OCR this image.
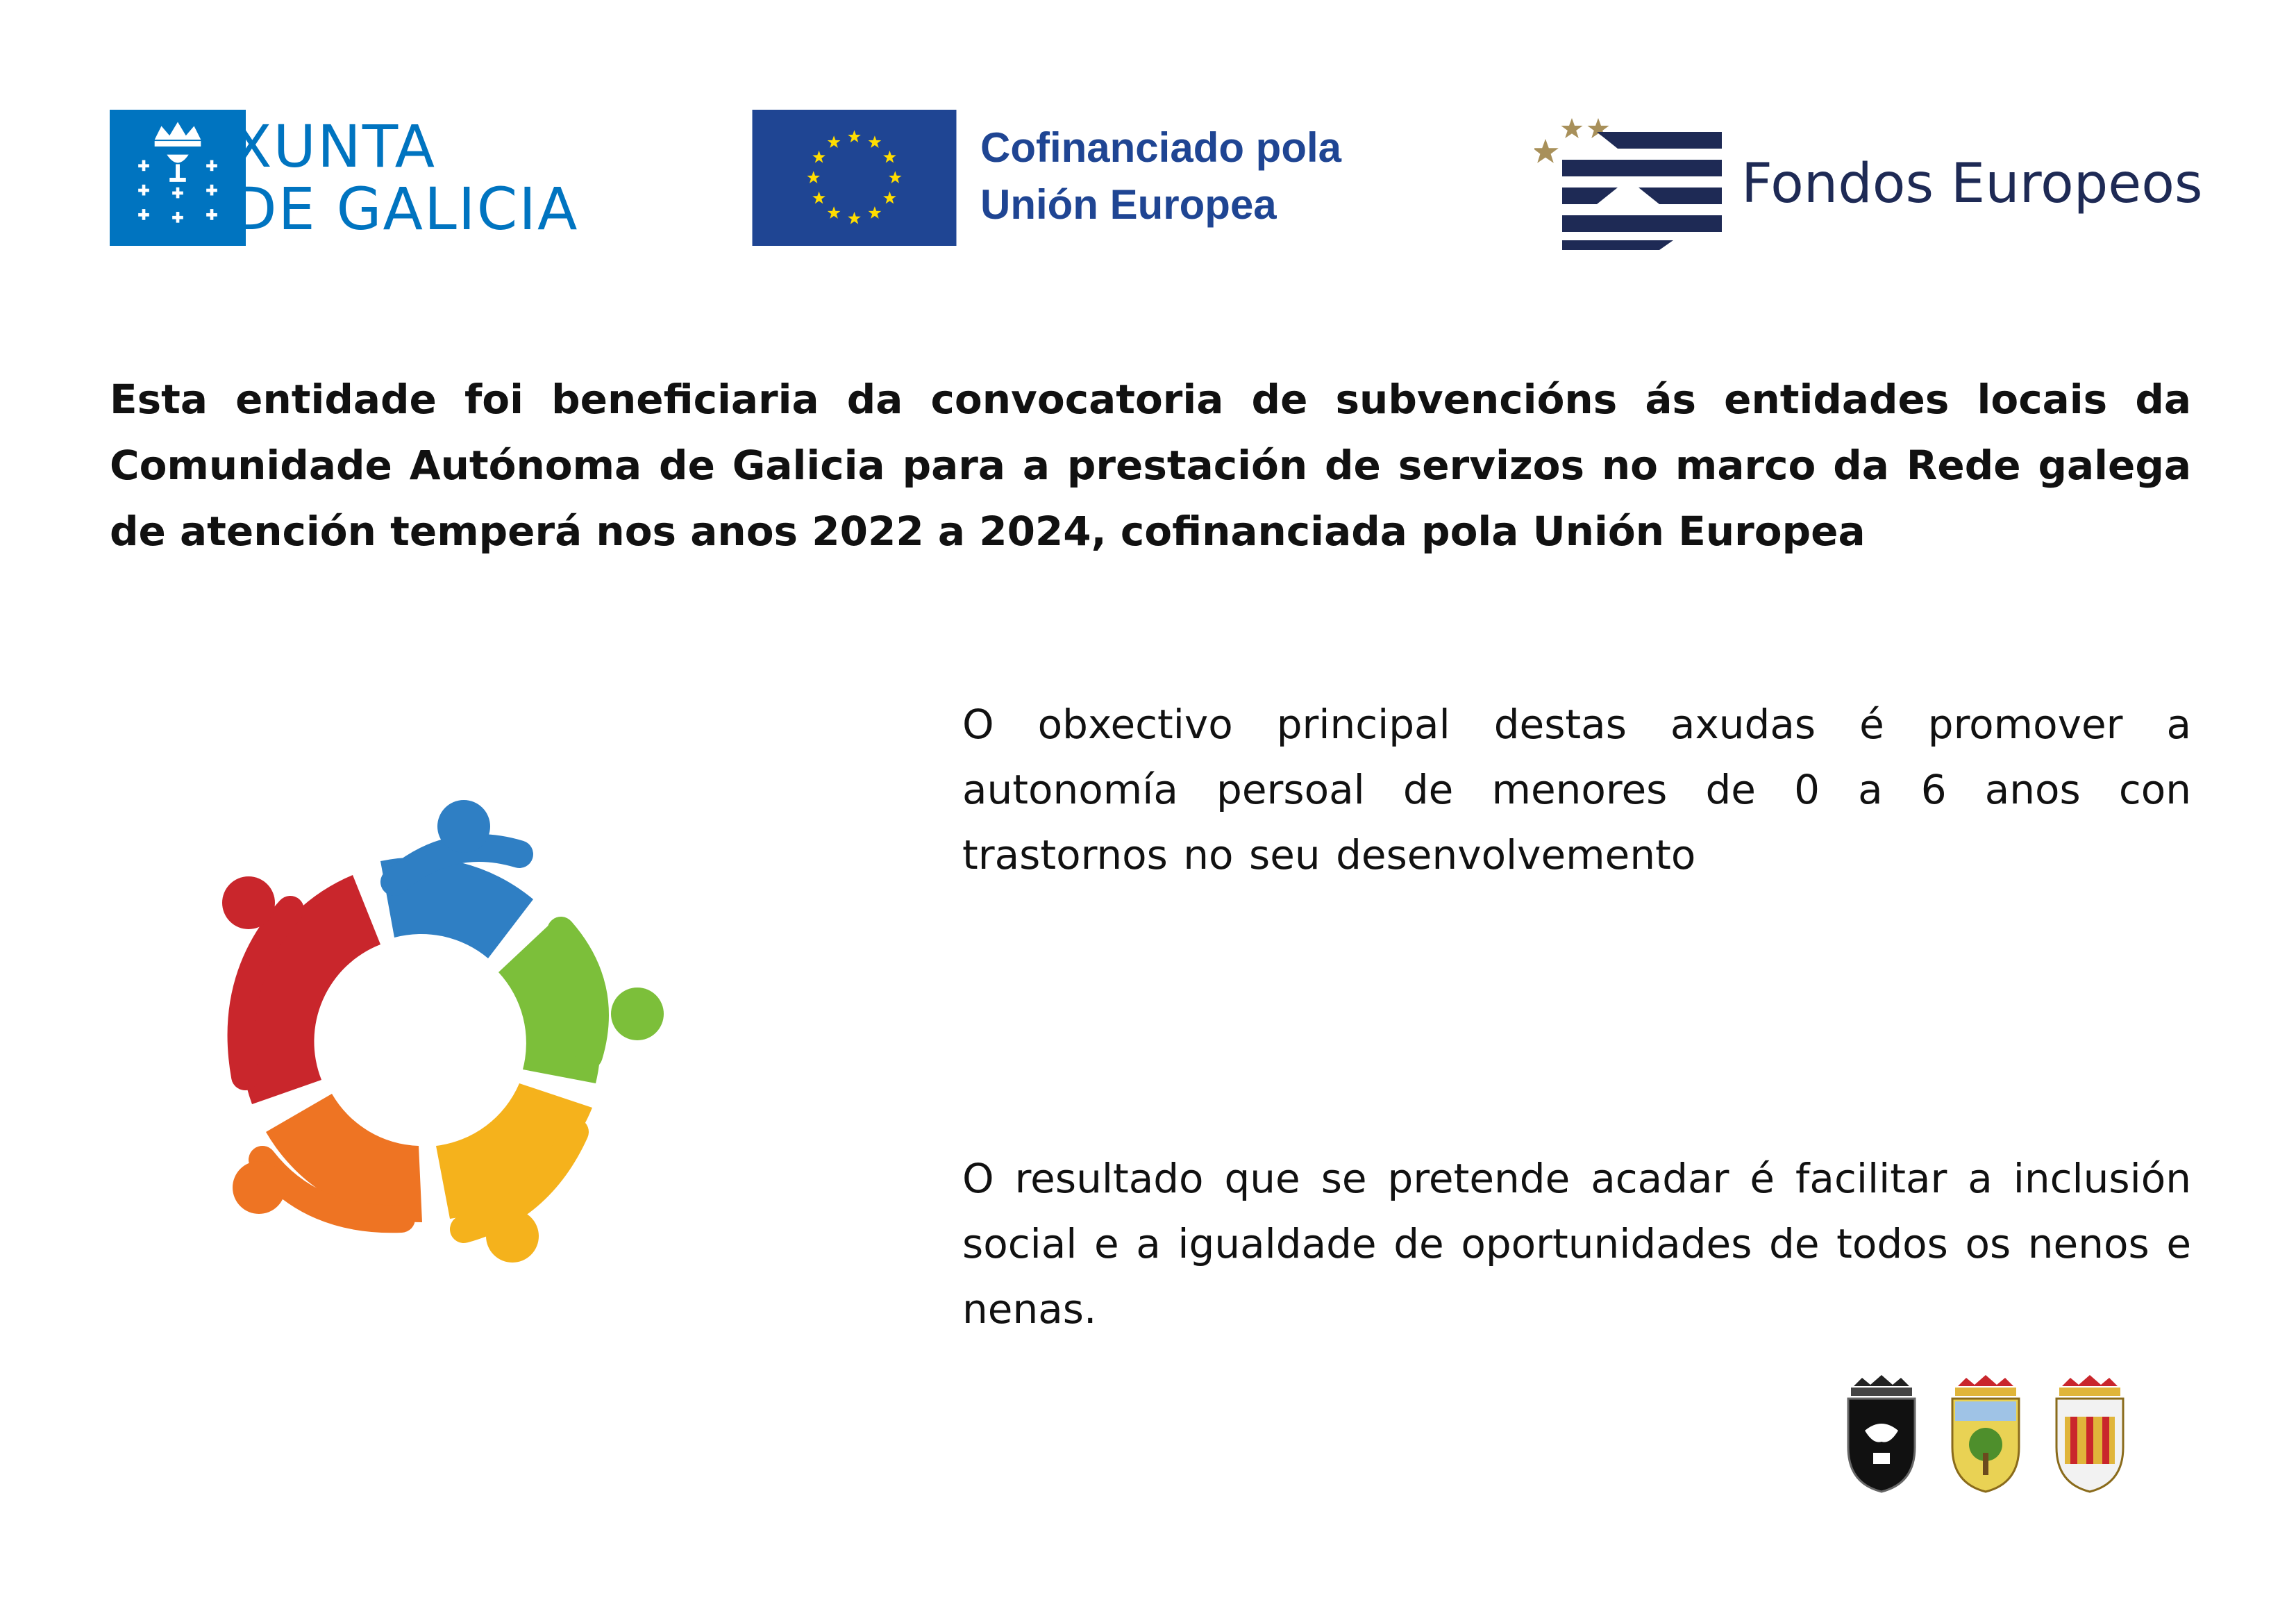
XUNTA
DE GALICIA
Cofinanciado pola
Unión Europea	Fondos Europeos

Esta entidade foi beneficiaria da convocatoria de subvencións ás entidades locais da Comunidade Autónoma de Galicia para a prestación de servizos no marco da Rede galega de atención temperá nos anos 2022 a 2024, cofinanciada pola Unión Europea

O obxectivo principal destas axudas é promover a autonomía persoal de menores de 0 a 6 anos con trastornos no seu desenvolvemento

O resultado que se pretende acadar é facilitar a inclusión social e a igualdade de oportunidades de todos os nenos e nenas.
